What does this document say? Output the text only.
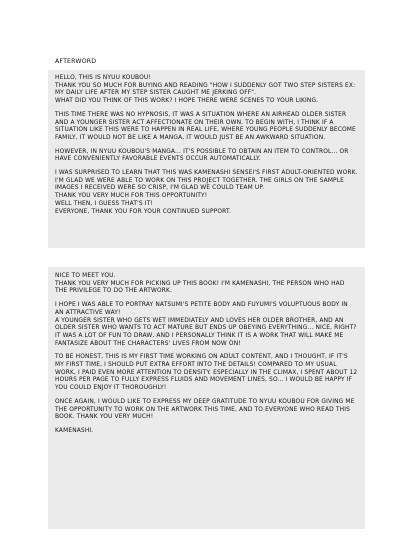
AFTERWORD

HELLO, THIS IS NYUU KOUBOU!
THANK YOU SO MUCH FOR BUYING AND READING "HOW I SUDDENLY GOT TWO STEP SISTERS EX: MY DAILY LIFE AFTER MY STEP SISTER CAUGHT ME JERKING OFF".
WHAT DID YOU THINK OF THIS WORK? I HOPE THERE WERE SCENES TO YOUR LIKING.

THIS TIME THERE WAS NO HYPNOSIS, IT WAS A SITUATION WHERE AN AIRHEAD OLDER SISTER AND A YOUNGER SISTER ACT AFFECTIONATE ON THEIR OWN. TO BEGIN WITH, I THINK IF A SITUATION LIKE THIS WERE TO HAPPEN IN REAL LIFE, WHERE YOUNG PEOPLE SUDDENLY BECOME FAMILY, IT WOULD NOT BE LIKE A MANGA, IT WOULD JUST BE AN AWKWARD SITUATION.

HOWEVER, IN NYUU KOUBOU'S MANGA... IT'S POSSIBLE TO OBTAIN AN ITEM TO CONTROL... OR HAVE CONVENIENTLY FAVORABLE EVENTS OCCUR AUTOMATICALLY.

I WAS SURPRISED TO LEARN THAT THIS WAS KAMENASHI SENSEI'S FIRST ADULT-ORIENTED WORK. I'M GLAD WE WERE ABLE TO WORK ON THIS PROJECT TOGETHER. THE GIRLS ON THE SAMPLE IMAGES I RECEIVED WERE SO CRISP, I'M GLAD WE COULD TEAM UP.
THANK YOU VERY MUCH FOR THIS OPPORTUNITY!
WELL THEN, I GUESS THAT'S IT!
EVERYONE, THANK YOU FOR YOUR CONTINUED SUPPORT.

NICE TO MEET YOU.
THANK YOU VERY MUCH FOR PICKING UP THIS BOOK! I'M KAMENASHI, THE PERSON WHO HAD THE PRIVILEGE TO DO THE ARTWORK.

I HOPE I WAS ABLE TO PORTRAY NATSUMI'S PETITE BODY AND FUYUMI'S VOLUPTUOUS BODY IN AN ATTRACTIVE WAY!
A YOUNGER SISTER WHO GETS WET IMMEDIATELY AND LOVES HER OLDER BROTHER, AND AN OLDER SISTER WHO WANTS TO ACT MATURE BUT ENDS UP OBEYING EVERYTHING... NICE, RIGHT?
IT WAS A LOT OF FUN TO DRAW, AND I PERSONALLY THINK IT IS A WORK THAT WILL MAKE ME FANTASIZE ABOUT THE CHARACTERS' LIVES FROM NOW ON!

TO BE HONEST, THIS IS MY FIRST TIME WORKING ON ADULT CONTENT, AND I THOUGHT, IF IT'S MY FIRST TIME, I SHOULD PUT EXTRA EFFORT INTO THE DETAILS! COMPARED TO MY USUAL WORK, I PAID EVEN MORE ATTENTION TO DENSITY. ESPECIALLY IN THE CLIMAX, I SPENT ABOUT 12 HOURS PER PAGE TO FULLY EXPRESS FLUIDS AND MOVEMENT LINES, SO... I WOULD BE HAPPY IF YOU COULD ENJOY IT THOROUGHLY!

ONCE AGAIN, I WOULD LIKE TO EXPRESS MY DEEP GRATITUDE TO NYUU KOUBOU FOR GIVING ME THE OPPORTUNITY TO WORK ON THE ARTWORK THIS TIME, AND TO EVERYONE WHO READ THIS BOOK. THANK YOU VERY MUCH!

KAMENASHI.
